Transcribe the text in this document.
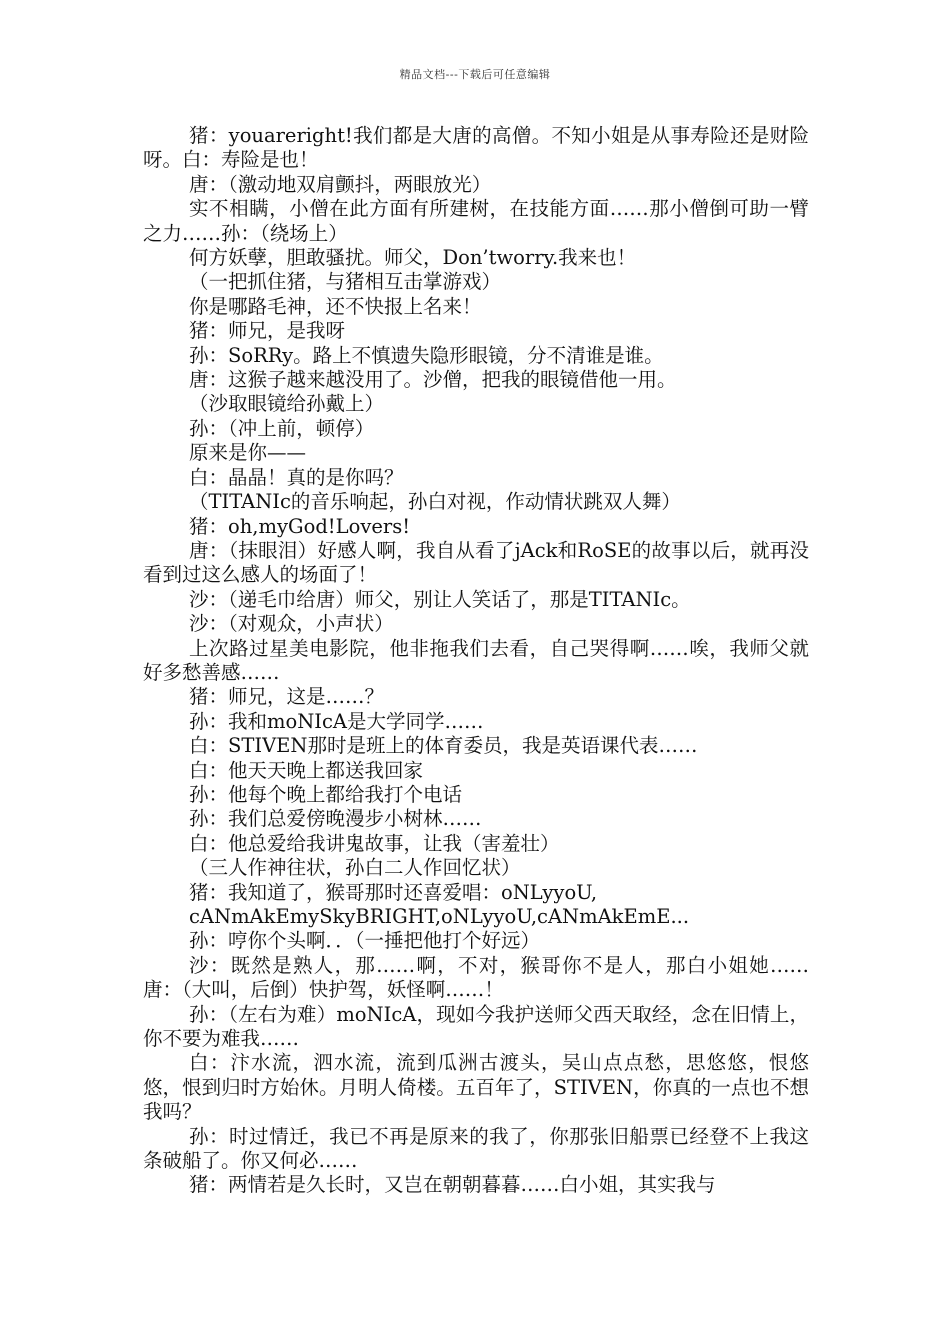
精品文档---下载后可任意编辑

猪：youareright!我们都是大唐的高僧。不知小姐是从事寿险还是财险呀。白：寿险是也！

唐：（激动地双肩颤抖，两眼放光）

实不相瞒，小僧在此方面有所建树，在技能方面……那小僧倒可助一臂之力……孙：（绕场上）

何方妖孽，胆敢骚扰。师父，Don’tworry.我来也！

（一把抓住猪，与猪相互击掌游戏）

你是哪路毛神，还不快报上名来！

猪：师兄，是我呀

孙：SoRRy。路上不慎遗失隐形眼镜，分不清谁是谁。

唐：这猴子越来越没用了。沙僧，把我的眼镜借他一用。

（沙取眼镜给孙戴上）

孙：（冲上前，顿停）

原来是你——

白：晶晶！真的是你吗？

（TITANIc的音乐响起，孙白对视，作动情状跳双人舞）

猪：oh,myGod!Lovers!

唐：（抹眼泪）好感人啊，我自从看了jAck和RoSE的故事以后，就再没看到过这么感人的场面了！

沙：（递毛巾给唐）师父，别让人笑话了，那是TITANIc。

沙：（对观众，小声状）

上次路过星美电影院，他非拖我们去看，自己哭得啊……唉，我师父就好多愁善感……

猪：师兄，这是……？

孙：我和moNIcA是大学同学……

白：STIVEN那时是班上的体育委员，我是英语课代表……

白：他天天晚上都送我回家

孙：他每个晚上都给我打个电话

孙：我们总爱傍晚漫步小树林……

白：他总爱给我讲鬼故事，让我（害羞壮）

（三人作神往状，孙白二人作回忆状）

猪：我知道了，猴哥那时还喜爱唱：oNLyyoU,

cANmAkEmySkyBRIGHT,oNLyyoU,cANmAkEmE...

孙：哼你个头啊．．（一捶把他打个好远）

沙：既然是熟人，那……啊，不对，猴哥你不是人，那白小姐她……唐：（大叫，后倒）快护驾，妖怪啊……！

孙：（左右为难）moNIcA，现如今我护送师父西天取经，念在旧情上，你不要为难我……

白：汴水流，泗水流，流到瓜洲古渡头，吴山点点愁，思悠悠，恨悠悠，恨到归时方始休。月明人倚楼。五百年了，STIVEN，你真的一点也不想我吗？

孙：时过情迁，我已不再是原来的我了，你那张旧船票已经登不上我这条破船了。你又何必……

猪：两情若是久长时，又岂在朝朝暮暮……白小姐，其实我与
